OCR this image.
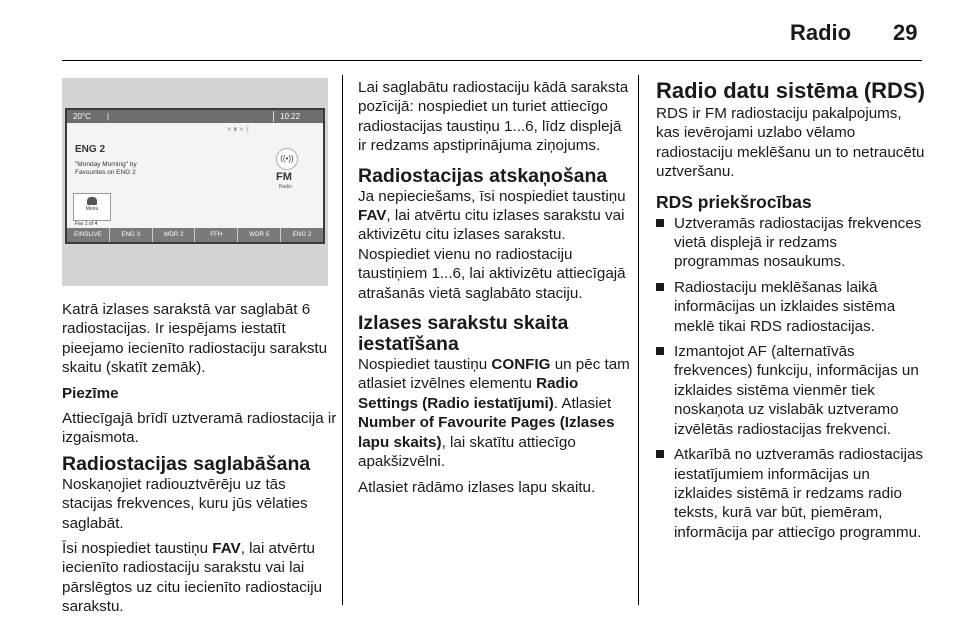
Radio 29
20°C |	10:22
≋▮✕ᛒ
ENG 2
"Monday Morning" by
Favourites on ENG 2
((•))
FM
Radio
Menu
Fav 1 of 4
EINSLIVE	ENG 3	WDR 2	FFH	WDR 5	ENG 2

Katrā izlases sarakstā var saglabāt 6 radiostacijas. Ir iespējams iestatīt pieejamo iecienīto radiostaciju sarakstu skaitu (skatīt zemāk).

Piezīme

Attiecīgajā brīdī uztveramā radiostacija ir izgaismota.

Radiostacijas saglabāšana

Noskaņojiet radiouztvērēju uz tās stacijas frekvences, kuru jūs vēlaties saglabāt.

Īsi nospiediet taustiņu FAV, lai atvērtu iecienīto radiostaciju sarakstu vai lai pārslēgtos uz citu iecienīto radiostaciju sarakstu.

Lai saglabātu radiostaciju kādā saraksta pozīcijā: nospiediet un turiet attiecīgo radiostacijas taustiņu 1...6, līdz displejā ir redzams apstiprinājuma ziņojums.

Radiostacijas atskaņošana

Ja nepieciešams, īsi nospiediet taustiņu FAV, lai atvērtu citu izlases sarakstu vai aktivizētu citu izlases sarakstu. Nospiediet vienu no radiostaciju taustiņiem 1...6, lai aktivizētu attiecīgajā atrašanās vietā saglabāto staciju.

Izlases sarakstu skaita iestatīšana

Nospiediet taustiņu CONFIG un pēc tam atlasiet izvēlnes elementu Radio Settings (Radio iestatījumi). Atlasiet Number of Favourite Pages (Izlases lapu skaits), lai skatītu attiecīgo apakšizvēlni.

Atlasiet rādāmo izlases lapu skaitu.

Radio datu sistēma (RDS)

RDS ir FM radiostaciju pakalpojums, kas ievērojami uzlabo vēlamo radiostaciju meklēšanu un to netraucētu uztveršanu.

RDS priekšrocības
Uztveramās radiostacijas frekvences vietā displejā ir redzams programmas nosaukums.
Radiostaciju meklēšanas laikā informācijas un izklaides sistēma meklē tikai RDS radiostacijas.
Izmantojot AF (alternatīvās frekvences) funkciju, informācijas un izklaides sistēma vienmēr tiek noskaņota uz vislabāk uztveramo izvēlētās radiostacijas frekvenci.
Atkarībā no uztveramās radiostacijas iestatījumiem informācijas un izklaides sistēmā ir redzams radio teksts, kurā var būt, piemēram, informācija par attiecīgo programmu.
